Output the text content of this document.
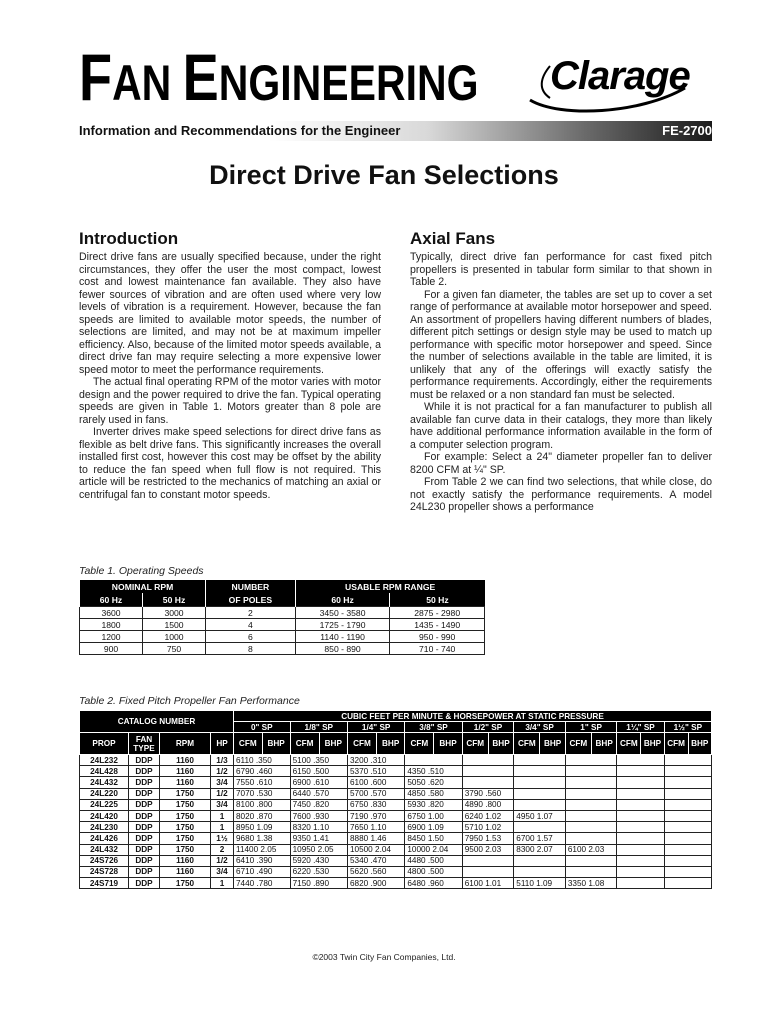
FAN ENGINEERING Clarage
Information and Recommendations for the Engineer	FE-2700
Direct Drive Fan Selections
Introduction

Direct drive fans are usually specified because, under the right circumstances, they offer the user the most compact, lowest cost and lowest maintenance fan available. They also have fewer sources of vibration and are often used where very low levels of vibration is a requirement. However, because the fan speeds are limited to available motor speeds, the number of selections are limited, and may not be at maximum impeller efficiency. Also, because of the limited motor speeds available, a direct drive fan may require selecting a more expensive lower speed motor to meet the performance requirements.

The actual final operating RPM of the motor varies with motor design and the power required to drive the fan. Typical operating speeds are given in Table 1. Motors greater than 8 pole are rarely used in fans.

Inverter drives make speed selections for direct drive fans as flexible as belt drive fans. This significantly increases the overall installed first cost, however this cost may be offset by the ability to reduce the fan speed when full flow is not required. This article will be restricted to the mechanics of matching an axial or centrifugal fan to constant motor speeds.

Axial Fans

Typically, direct drive fan performance for cast fixed pitch propellers is presented in tabular form similar to that shown in Table 2.

For a given fan diameter, the tables are set up to cover a set range of performance at available motor horsepower and speed. An assortment of propellers having different numbers of blades, different pitch settings or design style may be used to match up performance with specific motor horsepower and speed. Since the number of selections available in the table are limited, it is unlikely that any of the offerings will exactly satisfy the performance requirements. Accordingly, either the requirements must be relaxed or a non standard fan must be selected.

While it is not practical for a fan manufacturer to publish all available fan curve data in their catalogs, they more than likely have additional performance information available in the form of a computer selection program.

For example: Select a 24" diameter propeller fan to deliver 8200 CFM at ¼" SP.

From Table 2 we can find two selections, that while close, do not exactly satisfy the performance requirements. A model 24L230 propeller shows a performance

Table 1. Operating Speeds
NOMINAL RPM		NUMBER	USABLE RPM RANGE	
60 Hz	50 Hz	OF POLES	60 Hz	50 Hz
3600	3000	2	3450 - 3580	2875 - 2980
1800	1500	4	1725 - 1790	1435 - 1490
1200	1000	6	1140 - 1190	950 - 990
900	750	8	850 - 890	710 - 740
Table 2. Fixed Pitch Propeller Fan Performance
CATALOG NUMBER				CUBIC FEET PER MINUTE & HORSEPOWER AT STATIC PRESSURE																	
				0" SP		1/8" SP		1/4" SP		3/8" SP		1/2" SP		3/4" SP		1" SP		1¼" SP		1½" SP	
PROP	FAN TYPE	RPM	HP	CFM	BHP	CFM	BHP	CFM	BHP	CFM	BHP	CFM	BHP	CFM	BHP	CFM	BHP	CFM	BHP	CFM	BHP
24L232	DDP	1160	1/3	6110 .350		5100 .350		3200 .310													
24L428	DDP	1160	1/2	6790 .460		6150 .500		5370 .510		4350 .510											
24L432	DDP	1160	3/4	7550 .610		6900 .610		6100 .600		5050 .620											
24L220	DDP	1750	1/2	7070 .530		6440 .570		5700 .570		4850 .580		3790 .560									
24L225	DDP	1750	3/4	8100 .800		7450 .820		6750 .830		5930 .820		4890 .800									
24L420	DDP	1750	1	8020 .870		7600 .930		7190 .970		6750 1.00		6240 1.02		4950 1.07							
24L230	DDP	1750	1	8950 1.09		8320 1.10		7650 1.10		6900 1.09		5710 1.02									
24L426	DDP	1750	1½	9680 1.38		9350 1.41		8880 1.46		8450 1.50		7950 1.53		6700 1.57							
24L432	DDP	1750	2	11400 2.05		10950 2.05		10500 2.04		10000 2.04		9500 2.03		8300 2.07		6100 2.03					
24S726	DDP	1160	1/2	6410 .390		5920 .430		5340 .470		4480 .500											
24S728	DDP	1160	3/4	6710 .490		6220 .530		5620 .560		4800 .500											
24S719	DDP	1750	1	7440 .780		7150 .890		6820 .900		6480 .960		6100 1.01		5110 1.09		3350 1.08					
©2003 Twin City Fan Companies, Ltd.
